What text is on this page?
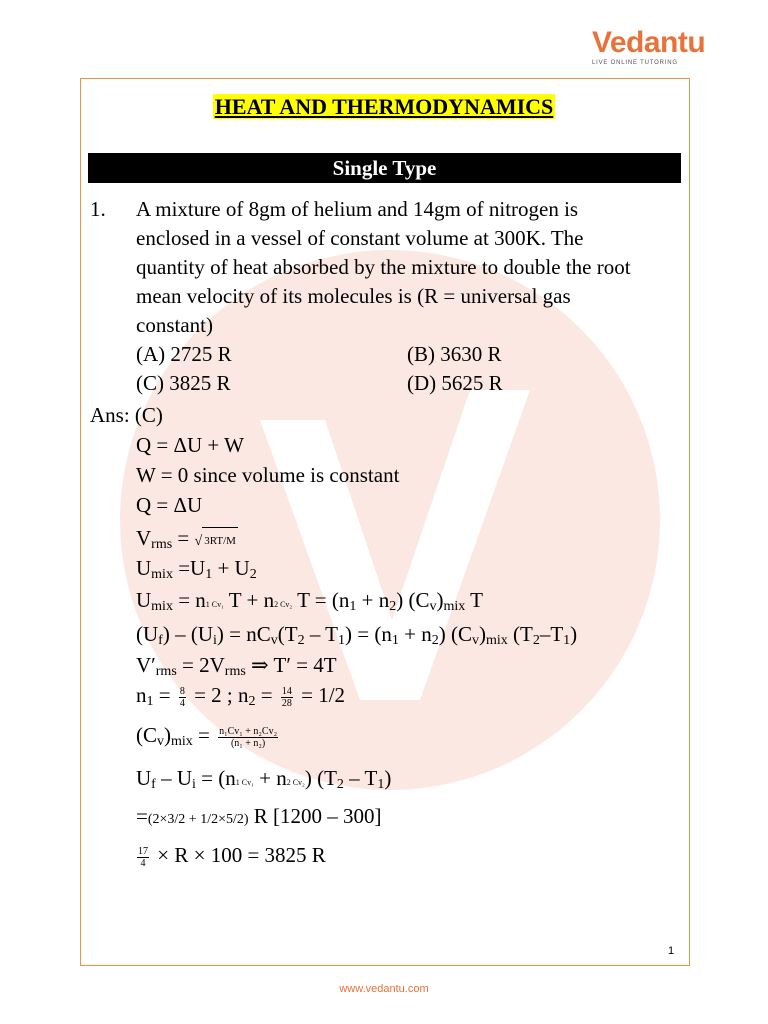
Vedantu
LIVE ONLINE TUTORING
HEAT AND THERMODYNAMICS
Single Type
1. A mixture of 8gm of helium and 14gm of nitrogen is
enclosed in a vessel of constant volume at 300K. The
quantity of heat absorbed by the mixture to double the root
mean velocity of its molecules is (R = universal gas
constant)
(A) 2725 R	(B) 3630 R
(C) 3825 R	(D) 5625 R
Ans: (C)
Q = ΔU + W
W = 0 since volume is constant
Q = ΔU
$V_{rms}$ = √ 3RT/M
$U_{mix} =U_1 + U_2$
$U_{mix} = n1$ Cv₁ T + n2 Cv₂ $T = (n_1 + n_2)$ $(C_v)_{mix}$ T
$(U_f) - (U_i) = nC_v(T_2 - T_1) = (n_1 + n_2)$ $(C_v)_{mix}$ $(T_2-T_1)$
$V'_{rms} = 2V_{rms}$ ⇒ T′ = 4T
$n_1 = \frac{8}{4} = 2$ ; $n_2 = \frac{14}{28} = 1/2$
$(C_v)_{mix} = \frac{\text{n₁Cv₁ + n₂Cv₂}}{\text{(n₁ + n₂)}}$
$U_f - U_i = (n1$ Cv₁ + n2 Cv₂) $(T_2 - T_1)$
=(2×3/2 + 1/2×5/2) R [1200 – 300]
$\frac{17}{4} \times R \times 100 = 3825$ R
1
www.vedantu.com
